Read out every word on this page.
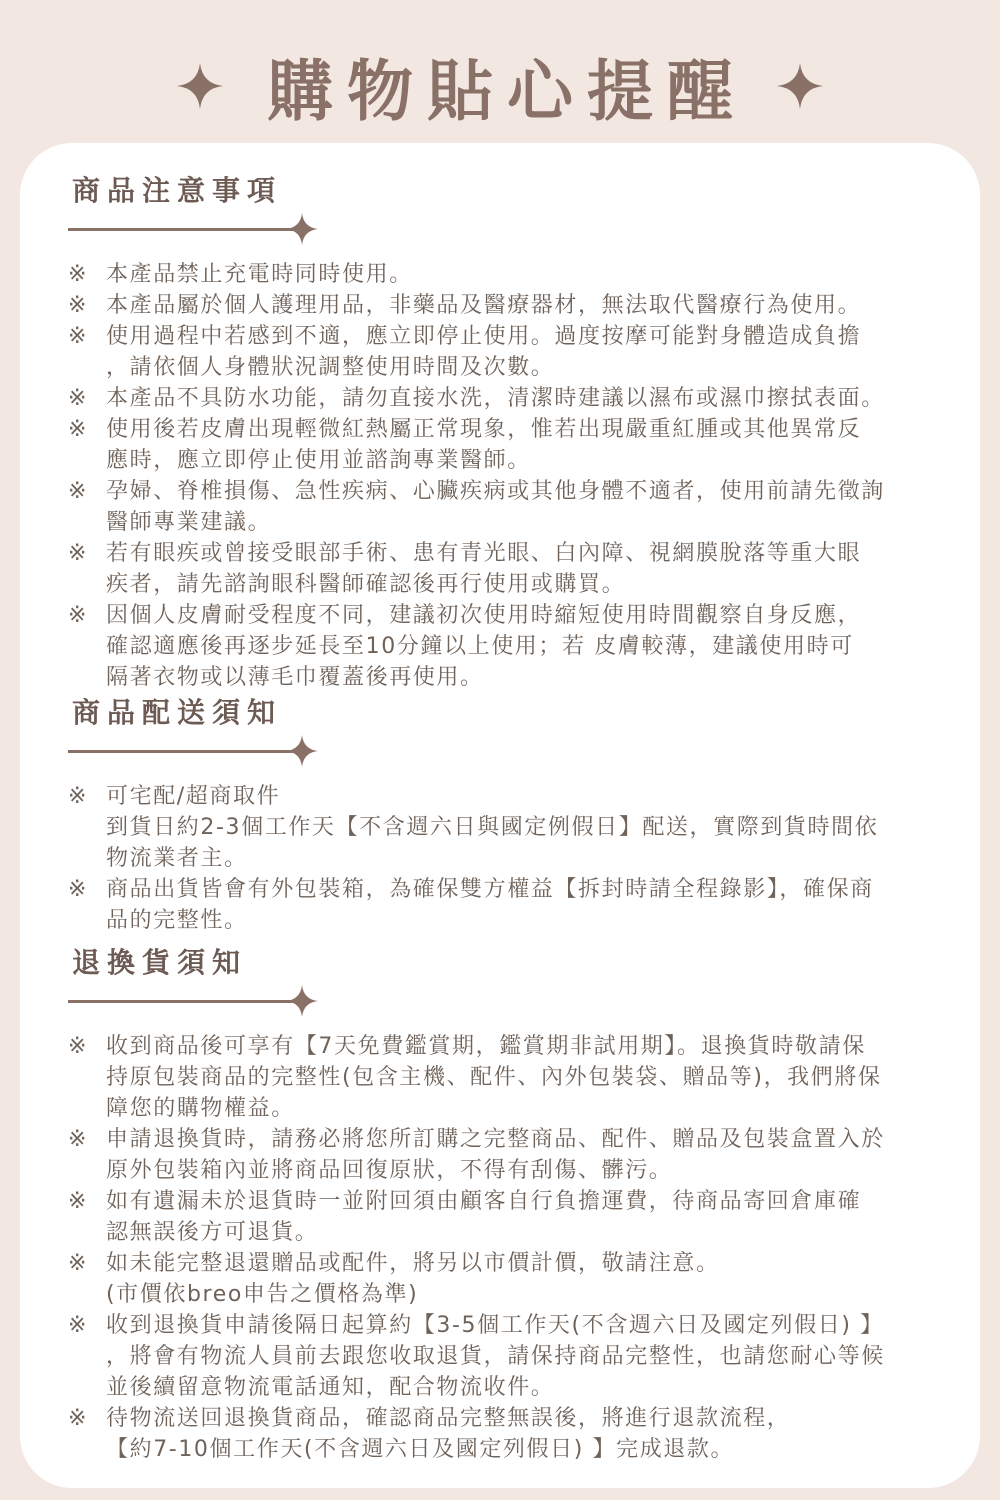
購物貼心提醒
商品注意事項
※ 本產品禁止充電時同時使用。
※ 本產品屬於個人護理用品，非藥品及醫療器材，無法取代醫療行為使用。
※ 使用過程中若感到不適，應立即停止使用。過度按摩可能對身體造成負擔
，請依個人身體狀況調整使用時間及次數。
※ 本產品不具防水功能，請勿直接水洗，清潔時建議以濕布或濕巾擦拭表面。
※ 使用後若皮膚出現輕微紅熱屬正常現象，惟若出現嚴重紅腫或其他異常反
應時，應立即停止使用並諮詢專業醫師。
※ 孕婦、脊椎損傷、急性疾病、心臟疾病或其他身體不適者，使用前請先徵詢
醫師專業建議。
※ 若有眼疾或曾接受眼部手術、患有青光眼、白內障、視網膜脫落等重大眼
疾者，請先諮詢眼科醫師確認後再行使用或購買。
※ 因個人皮膚耐受程度不同，建議初次使用時縮短使用時間觀察自身反應，
確認適應後再逐步延長至10分鐘以上使用；若 皮膚較薄，建議使用時可
隔著衣物或以薄毛巾覆蓋後再使用。
商品配送須知
※ 可宅配/超商取件
到貨日約2-3個工作天【不含週六日與國定例假日】配送，實際到貨時間依
物流業者主。
※ 商品出貨皆會有外包裝箱，為確保雙方權益【拆封時請全程錄影】，確保商
品的完整性。
退換貨須知
※ 收到商品後可享有【7天免費鑑賞期，鑑賞期非試用期】。退換貨時敬請保
持原包裝商品的完整性(包含主機、配件、內外包裝袋、贈品等)，我們將保
障您的購物權益。
※ 申請退換貨時，請務必將您所訂購之完整商品、配件、贈品及包裝盒置入於
原外包裝箱內並將商品回復原狀，不得有刮傷、髒污。
※ 如有遺漏未於退貨時一並附回須由顧客自行負擔運費，待商品寄回倉庫確
認無誤後方可退貨。
※ 如未能完整退還贈品或配件，將另以市價計價，敬請注意。
(市價依breo申告之價格為準)
※ 收到退換貨申請後隔日起算約【3-5個工作天(不含週六日及國定列假日) 】
，將會有物流人員前去跟您收取退貨，請保持商品完整性，也請您耐心等候
並後續留意物流電話通知，配合物流收件。
※ 待物流送回退換貨商品，確認商品完整無誤後，將進行退款流程，
【約7-10個工作天(不含週六日及國定列假日) 】完成退款。
